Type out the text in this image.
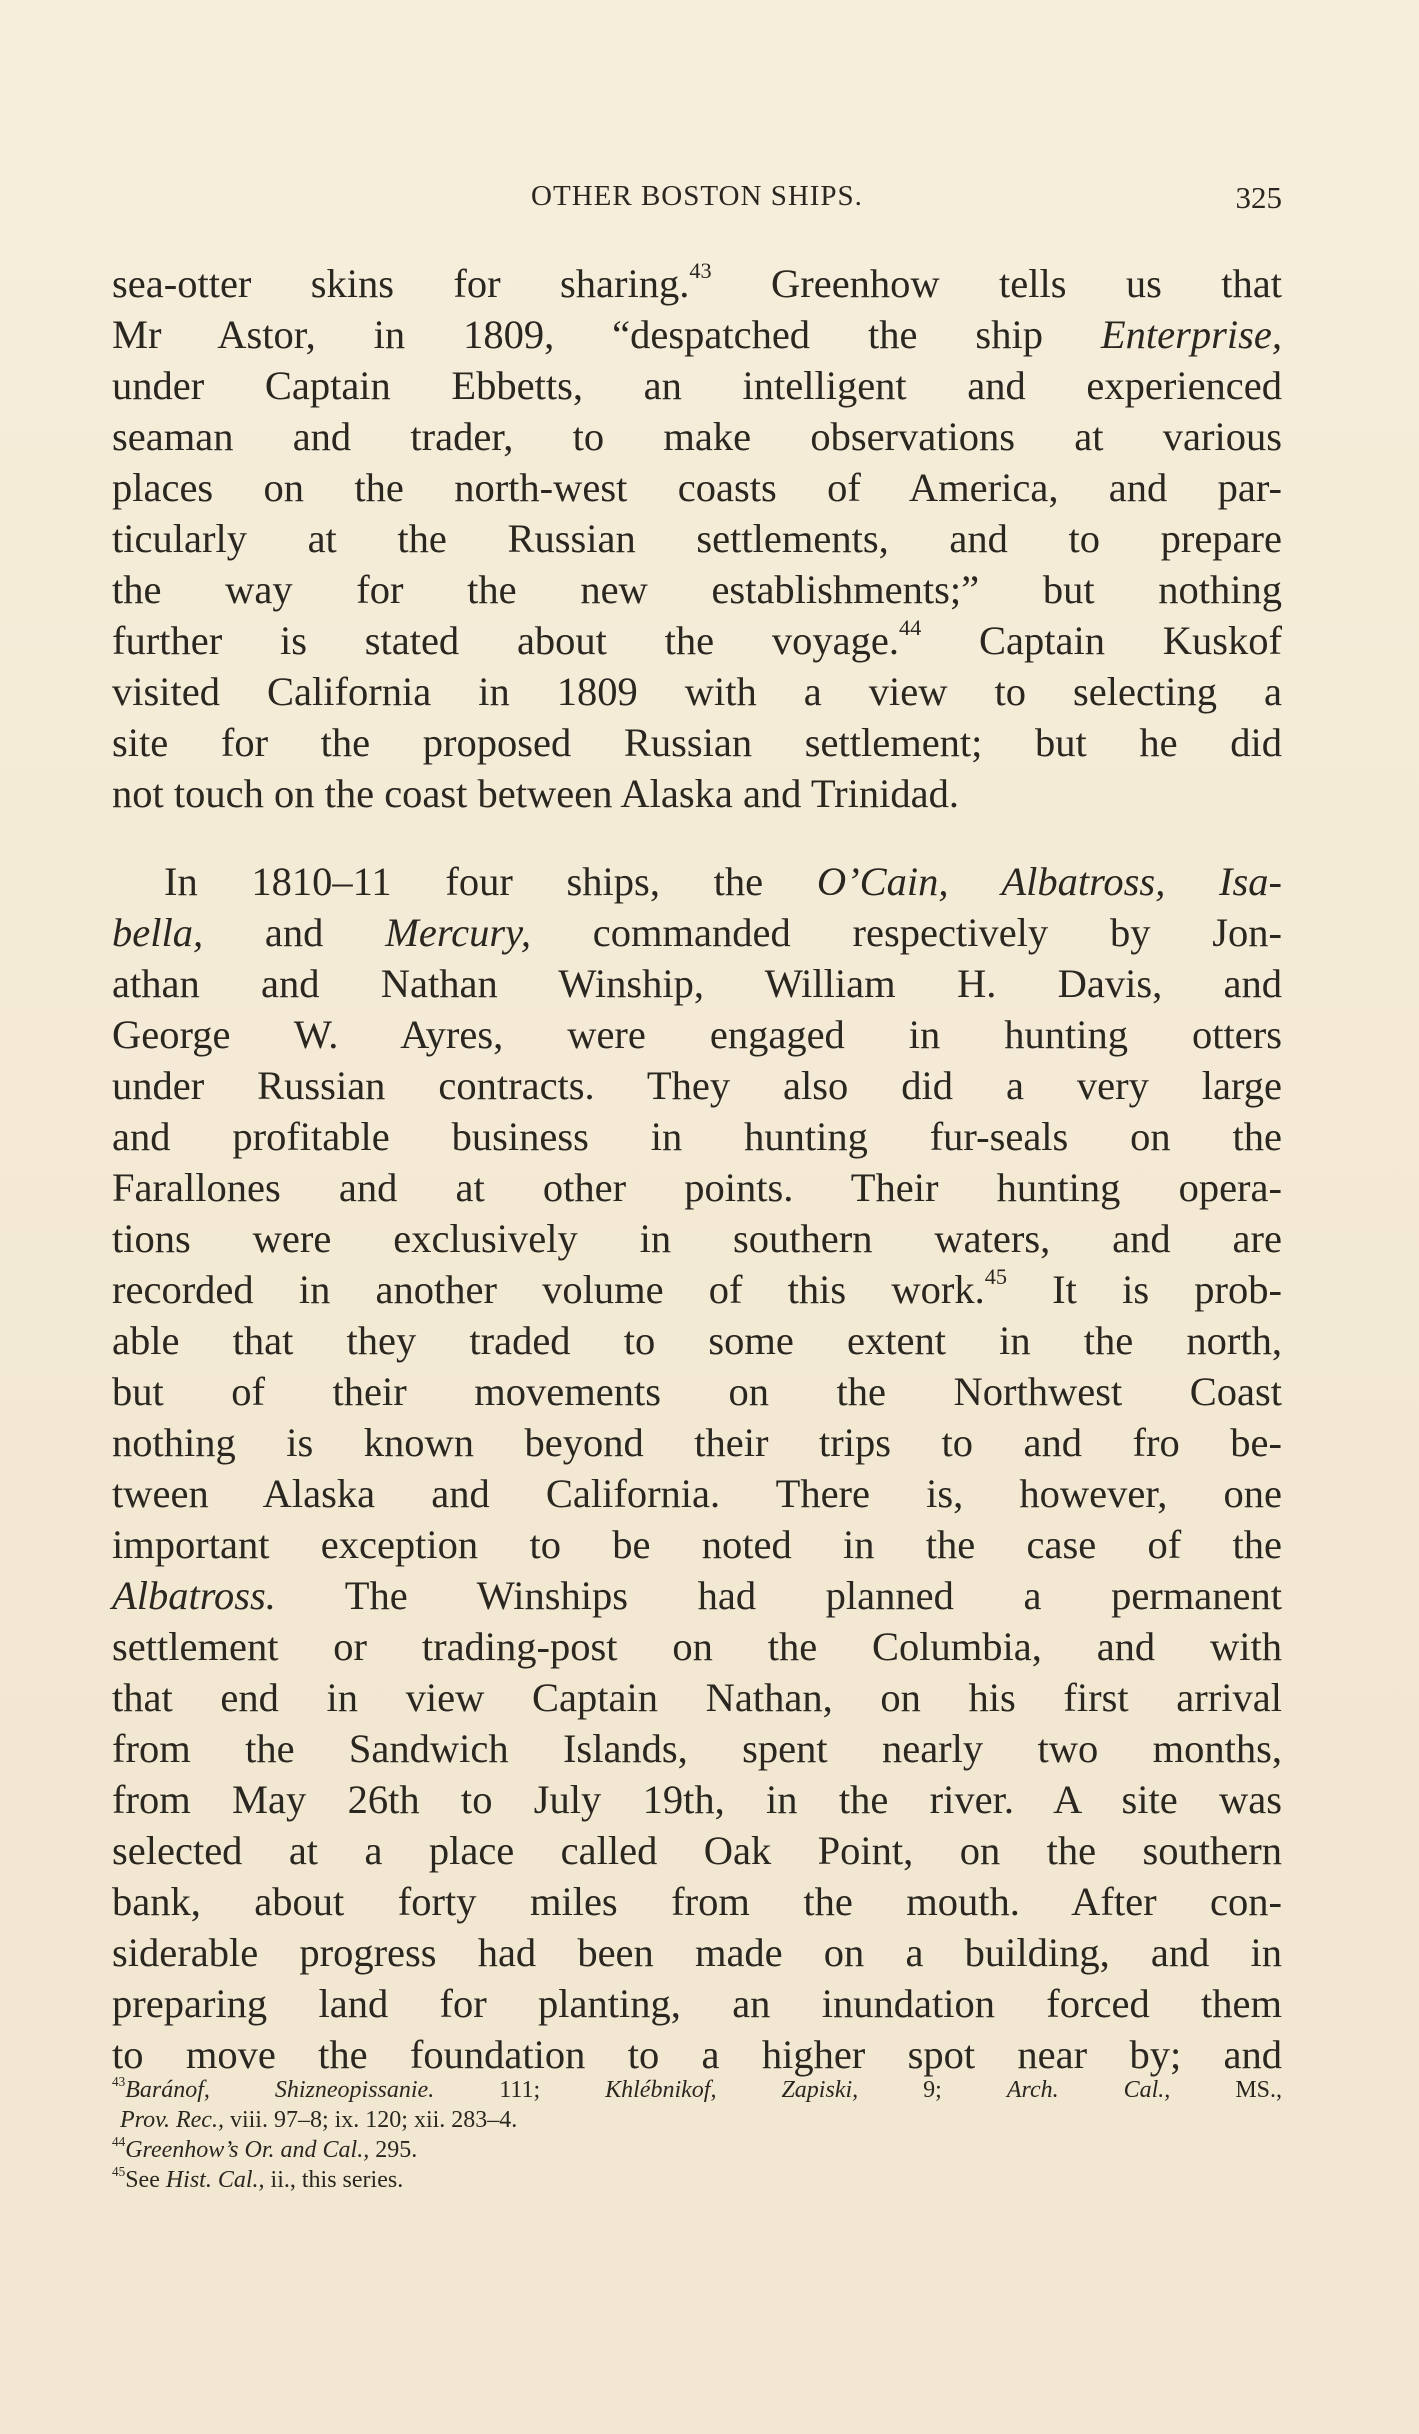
OTHER BOSTON SHIPS.	325
sea-otter skins for sharing.$^{43}$ Greenhow tells us that
Mr Astor, in 1809, “despatched the ship Enterprise,
under Captain Ebbetts, an intelligent and experienced
seaman and trader, to make observations at various
places on the north-west coasts of America, and par-
ticularly at the Russian settlements, and to prepare
the way for the new establishments;” but nothing
further is stated about the voyage.$^{44}$ Captain Kuskof
visited California in 1809 with a view to selecting a
site for the proposed Russian settlement; but he did
not touch on the coast between Alaska and Trinidad.
In 1810–11 four ships, the O’Cain, Albatross, Isa-
bella, and Mercury, commanded respectively by Jon-
athan and Nathan Winship, William H. Davis, and
George W. Ayres, were engaged in hunting otters
under Russian contracts. They also did a very large
and profitable business in hunting fur-seals on the
Farallones and at other points. Their hunting opera-
tions were exclusively in southern waters, and are
recorded in another volume of this work.$^{45}$ It is prob-
able that they traded to some extent in the north,
but of their movements on the Northwest Coast
nothing is known beyond their trips to and fro be-
tween Alaska and California. There is, however, one
important exception to be noted in the case of the
Albatross. The Winships had planned a permanent
settlement or trading-post on the Columbia, and with
that end in view Captain Nathan, on his first arrival
from the Sandwich Islands, spent nearly two months,
from May 26th to July 19th, in the river. A site was
selected at a place called Oak Point, on the southern
bank, about forty miles from the mouth. After con-
siderable progress had been made on a building, and in
preparing land for planting, an inundation forced them
to move the foundation to a higher spot near by; and
$^{43}$Baránof, Shizneopissanie. 111; Khlébnikof, Zapiski, 9; Arch. Cal., MS.,
Prov. Rec., viii. 97–8; ix. 120; xii. 283–4.
$^{44}$Greenhow’s Or. and Cal., 295.
$^{45}$See Hist. Cal., ii., this series.
